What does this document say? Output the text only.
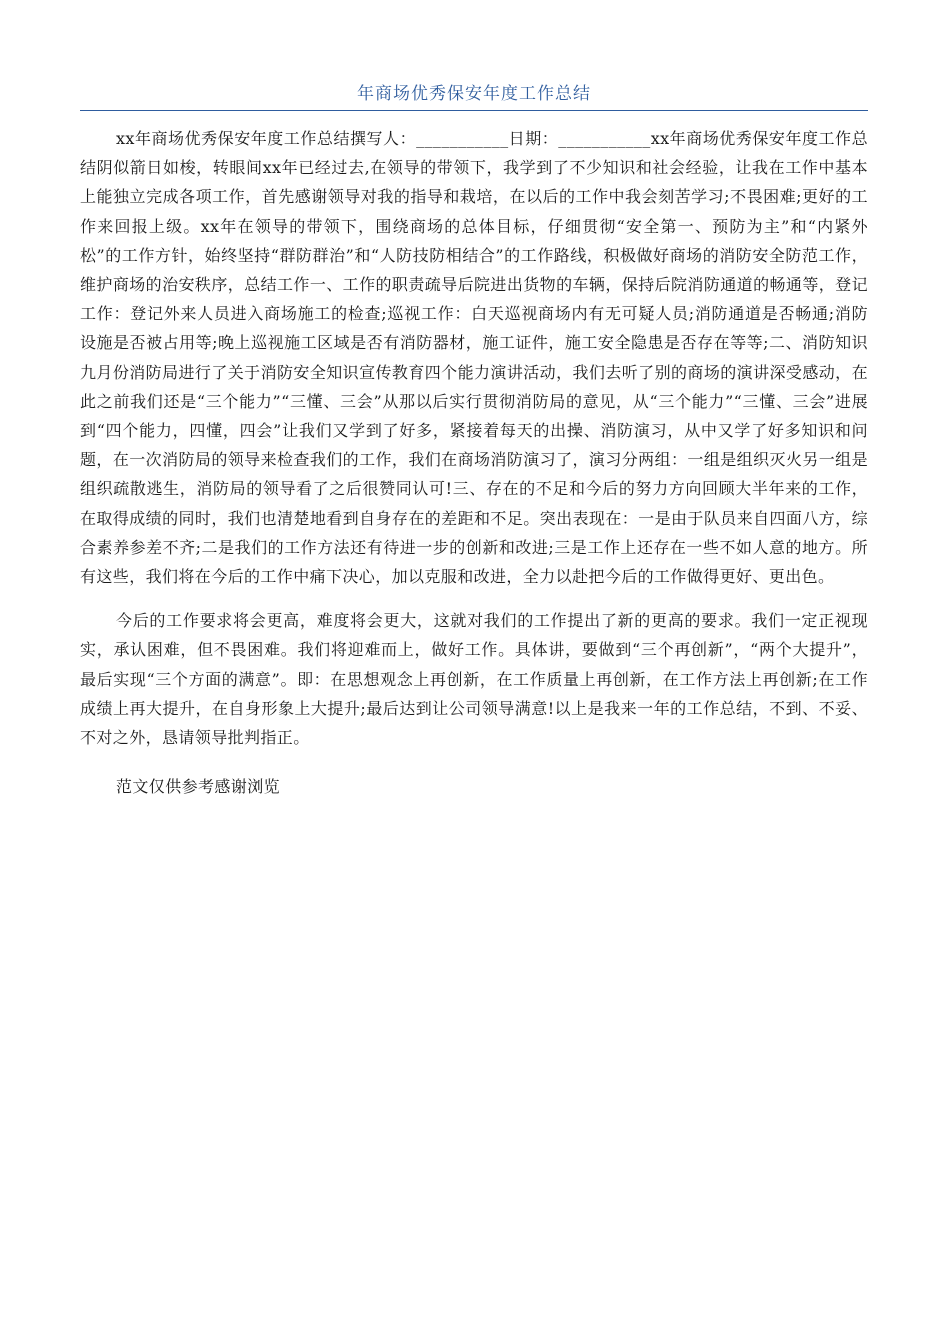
年商场优秀保安年度工作总结

xx年商场优秀保安年度工作总结撰写人：___________日期：___________xx年商场优秀保安年度工作总结阴似箭日如梭，转眼间xx年已经过去,在领导的带领下，我学到了不少知识和社会经验，让我在工作中基本上能独立完成各项工作，首先感谢领导对我的指导和栽培，在以后的工作中我会刻苦学习;不畏困难;更好的工作来回报上级。xx年在领导的带领下，围绕商场的总体目标，仔细贯彻“安全第一、预防为主”和“内紧外松”的工作方针，始终坚持“群防群治”和“人防技防相结合”的工作路线，积极做好商场的消防安全防范工作，维护商场的治安秩序，总结工作一、工作的职责疏导后院进出货物的车辆，保持后院消防通道的畅通等，登记工作：登记外来人员进入商场施工的检查;巡视工作：白天巡视商场内有无可疑人员;消防通道是否畅通;消防设施是否被占用等;晚上巡视施工区域是否有消防器材，施工证件，施工安全隐患是否存在等等;二、消防知识九月份消防局进行了关于消防安全知识宣传教育四个能力演讲活动，我们去听了别的商场的演讲深受感动，在此之前我们还是“三个能力”“三懂、三会”从那以后实行贯彻消防局的意见，从“三个能力”“三懂、三会”进展到“四个能力，四懂，四会”让我们又学到了好多，紧接着每天的出操、消防演习，从中又学了好多知识和问题，在一次消防局的领导来检查我们的工作，我们在商场消防演习了，演习分两组：一组是组织灭火另一组是组织疏散逃生，消防局的领导看了之后很赞同认可!三、存在的不足和今后的努力方向回顾大半年来的工作，在取得成绩的同时，我们也清楚地看到自身存在的差距和不足。突出表现在：一是由于队员来自四面八方，综合素养参差不齐;二是我们的工作方法还有待进一步的创新和改进;三是工作上还存在一些不如人意的地方。所有这些，我们将在今后的工作中痛下决心，加以克服和改进，全力以赴把今后的工作做得更好、更出色。

今后的工作要求将会更高，难度将会更大，这就对我们的工作提出了新的更高的要求。我们一定正视现实，承认困难，但不畏困难。我们将迎难而上，做好工作。具体讲，要做到“三个再创新”，“两个大提升”，最后实现“三个方面的满意”。即：在思想观念上再创新，在工作质量上再创新，在工作方法上再创新;在工作成绩上再大提升，在自身形象上大提升;最后达到让公司领导满意!以上是我来一年的工作总结，不到、不妥、不对之外，恳请领导批判指正。

范文仅供参考感谢浏览
